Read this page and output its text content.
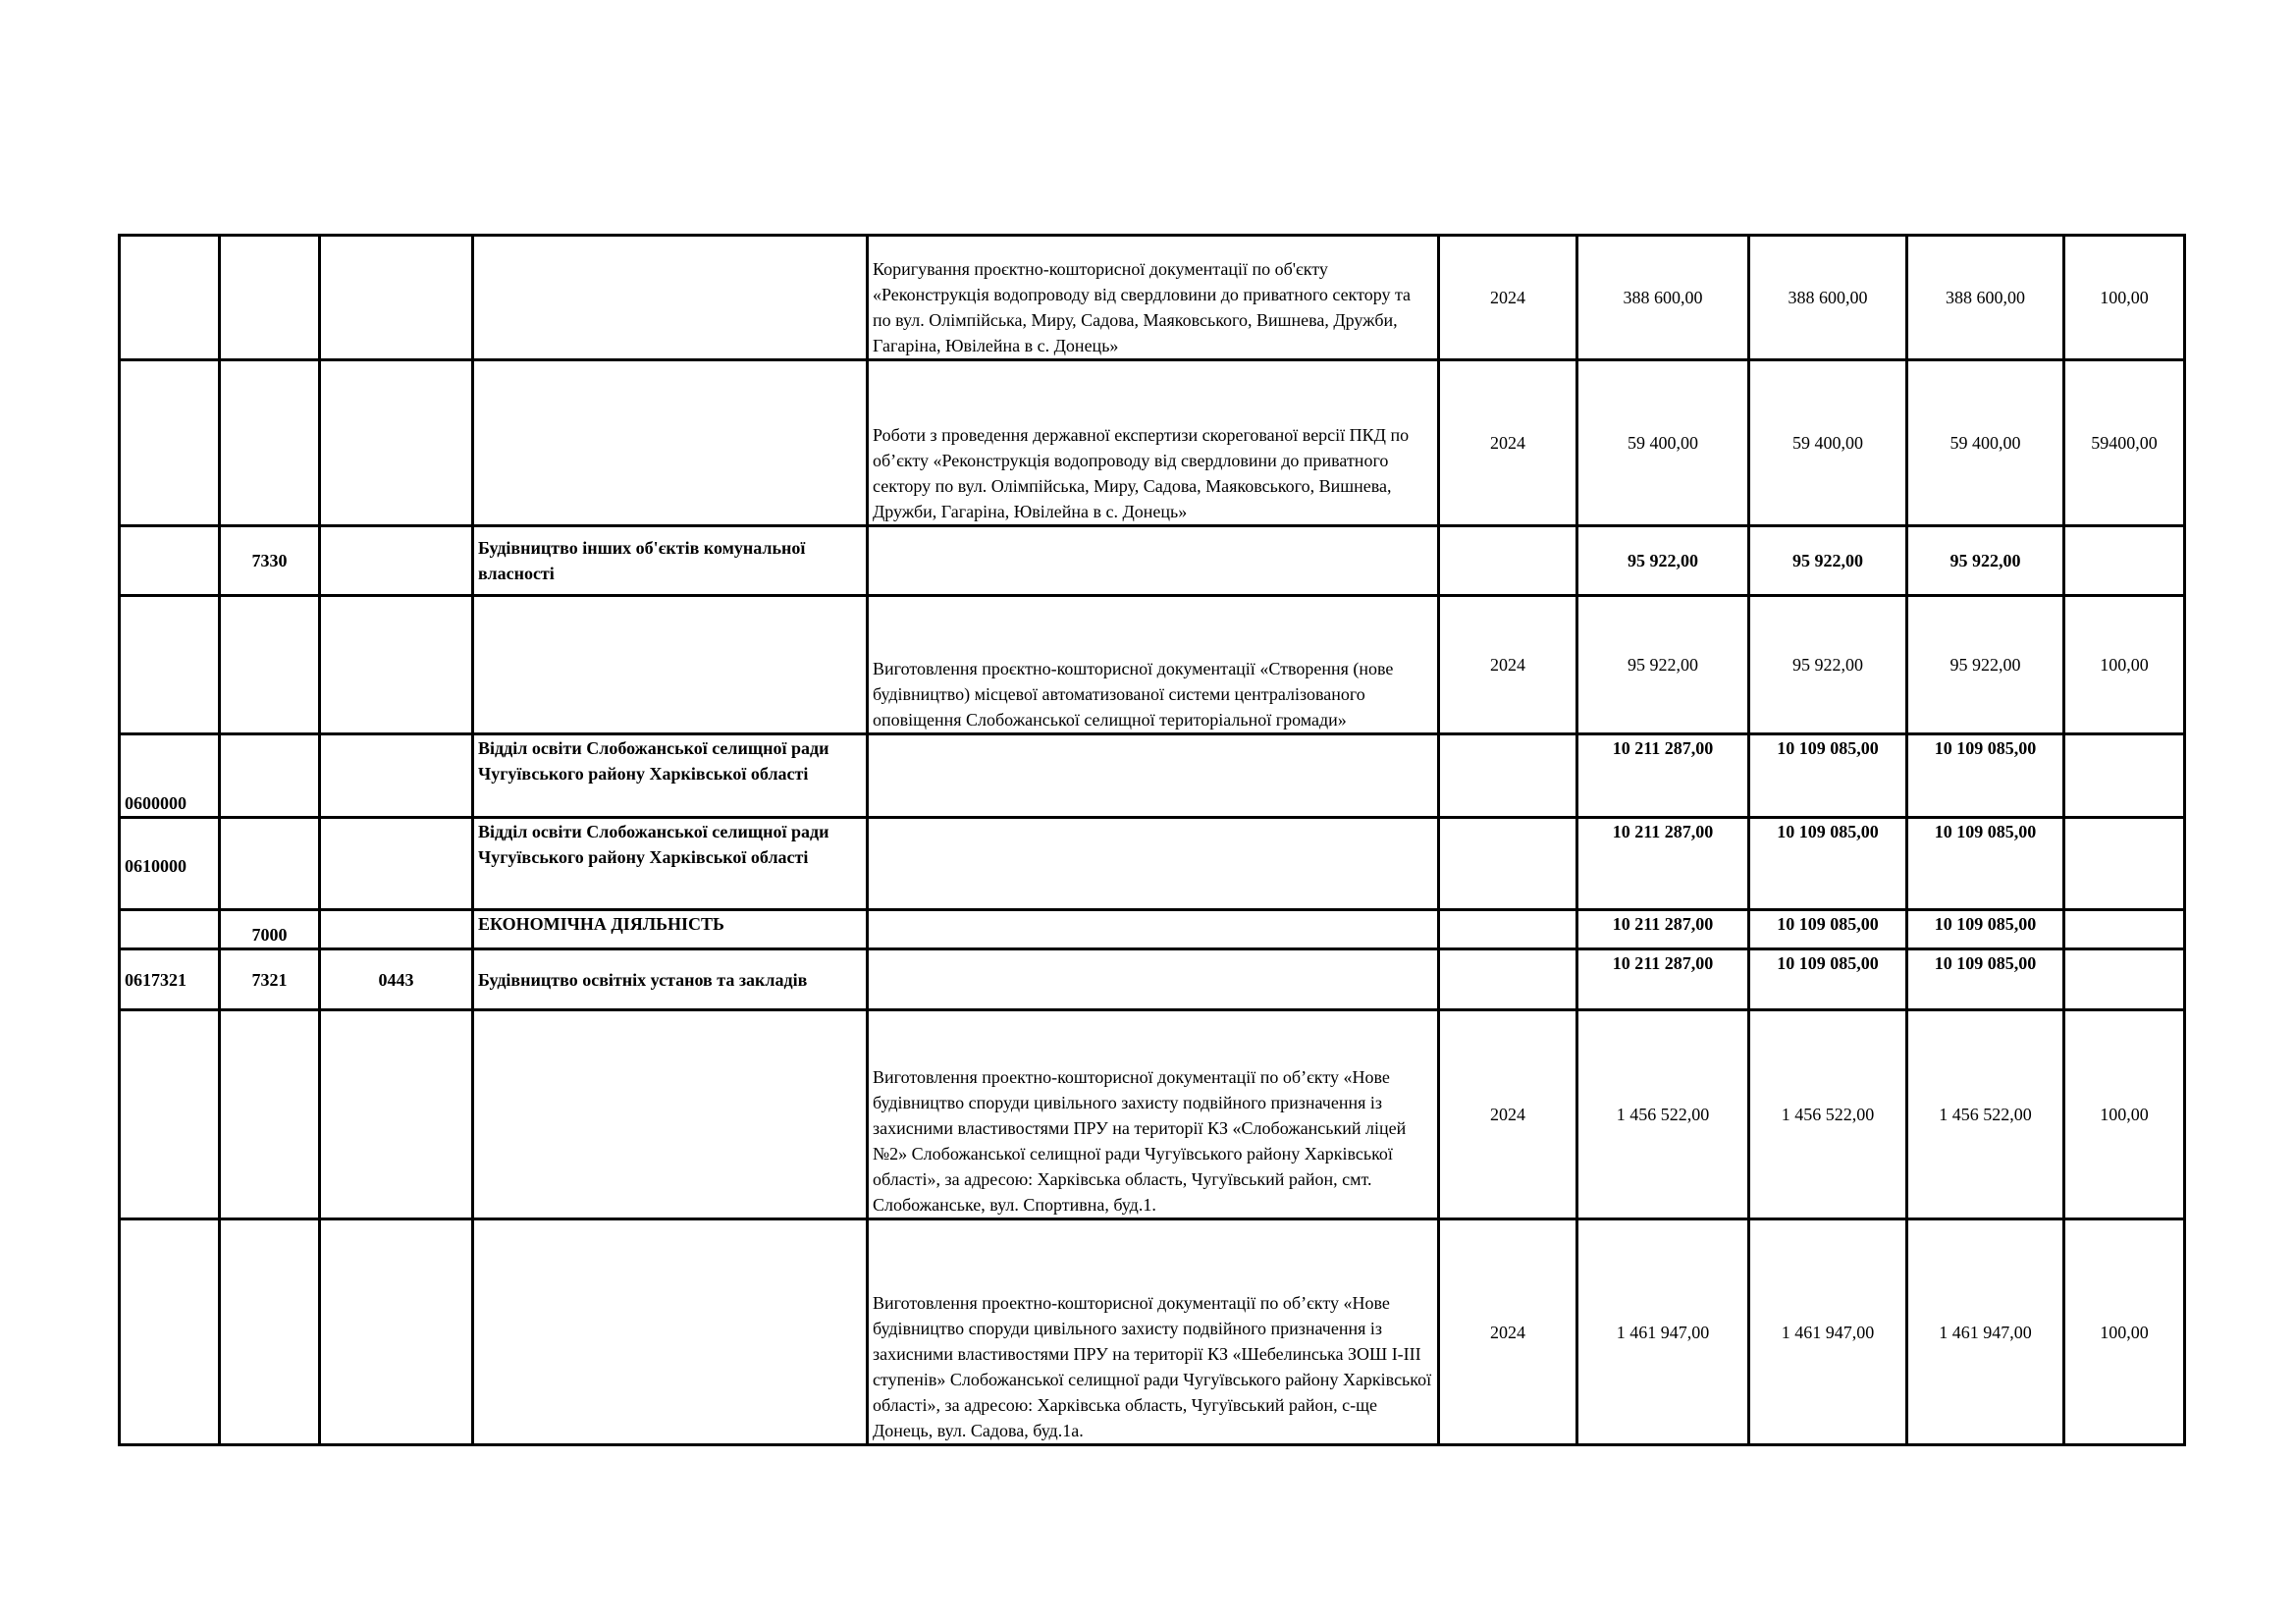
				Коригування проєктно-кошторисної документації по об'єкту «Реконструкція водопроводу від свердловини до приватного сектору та по вул. Олімпійська, Миру, Садова, Маяковського, Вишнева, Дружби, Гагаріна, Ювілейна в с. Донець»	2024	388 600,00	388 600,00	388 600,00	100,00
				Роботи з проведення державної експертизи скорегованої версії ПКД по об’єкту «Реконструкція водопроводу від свердловини до приватного сектору по вул. Олімпійська, Миру, Садова, Маяковського, Вишнева, Дружби, Гагаріна, Ювілейна в с. Донець»	2024	59 400,00	59 400,00	59 400,00	59400,00
	7330		Будівництво інших об'єктів комунальної власності			95 922,00	95 922,00	95 922,00	
				Виготовлення проєктно-кошторисної документації «Створення (нове будівництво) місцевої автоматизованої системи централізованого оповіщення Слобожанської селищної територіальної громади»	2024	95 922,00	95 922,00	95 922,00	100,00
0600000			Відділ освіти Слобожанської селищної ради Чугуївського району Харківської області			10 211 287,00	10 109 085,00	10 109 085,00	
0610000			Відділ освіти Слобожанської селищної ради Чугуївського району Харківської області			10 211 287,00	10 109 085,00	10 109 085,00	
	7000		ЕКОНОМІЧНА ДІЯЛЬНІСТЬ			10 211 287,00	10 109 085,00	10 109 085,00	
0617321	7321	0443	Будівництво освітніх установ та закладів			10 211 287,00	10 109 085,00	10 109 085,00	
				Виготовлення проектно-кошторисної документації по об’єкту «Нове будівництво споруди цивільного захисту подвійного призначення із захисними властивостями ПРУ на території КЗ «Слобожанський ліцей №2» Слобожанської селищної ради Чугуївського району Харківської області», за адресою: Харківська область, Чугуївський район, смт. Слобожанське, вул. Спортивна, буд.1.	2024	1 456 522,00	1 456 522,00	1 456 522,00	100,00
				Виготовлення проектно-кошторисної документації по об’єкту «Нове будівництво споруди цивільного захисту подвійного призначення із захисними властивостями ПРУ на території КЗ «Шебелинська ЗОШ І-ІІІ ступенів» Слобожанської селищної ради Чугуївського району Харківської області», за адресою: Харківська область, Чугуївський район, с-ще Донець, вул. Садова, буд.1а.	2024	1 461 947,00	1 461 947,00	1 461 947,00	100,00
